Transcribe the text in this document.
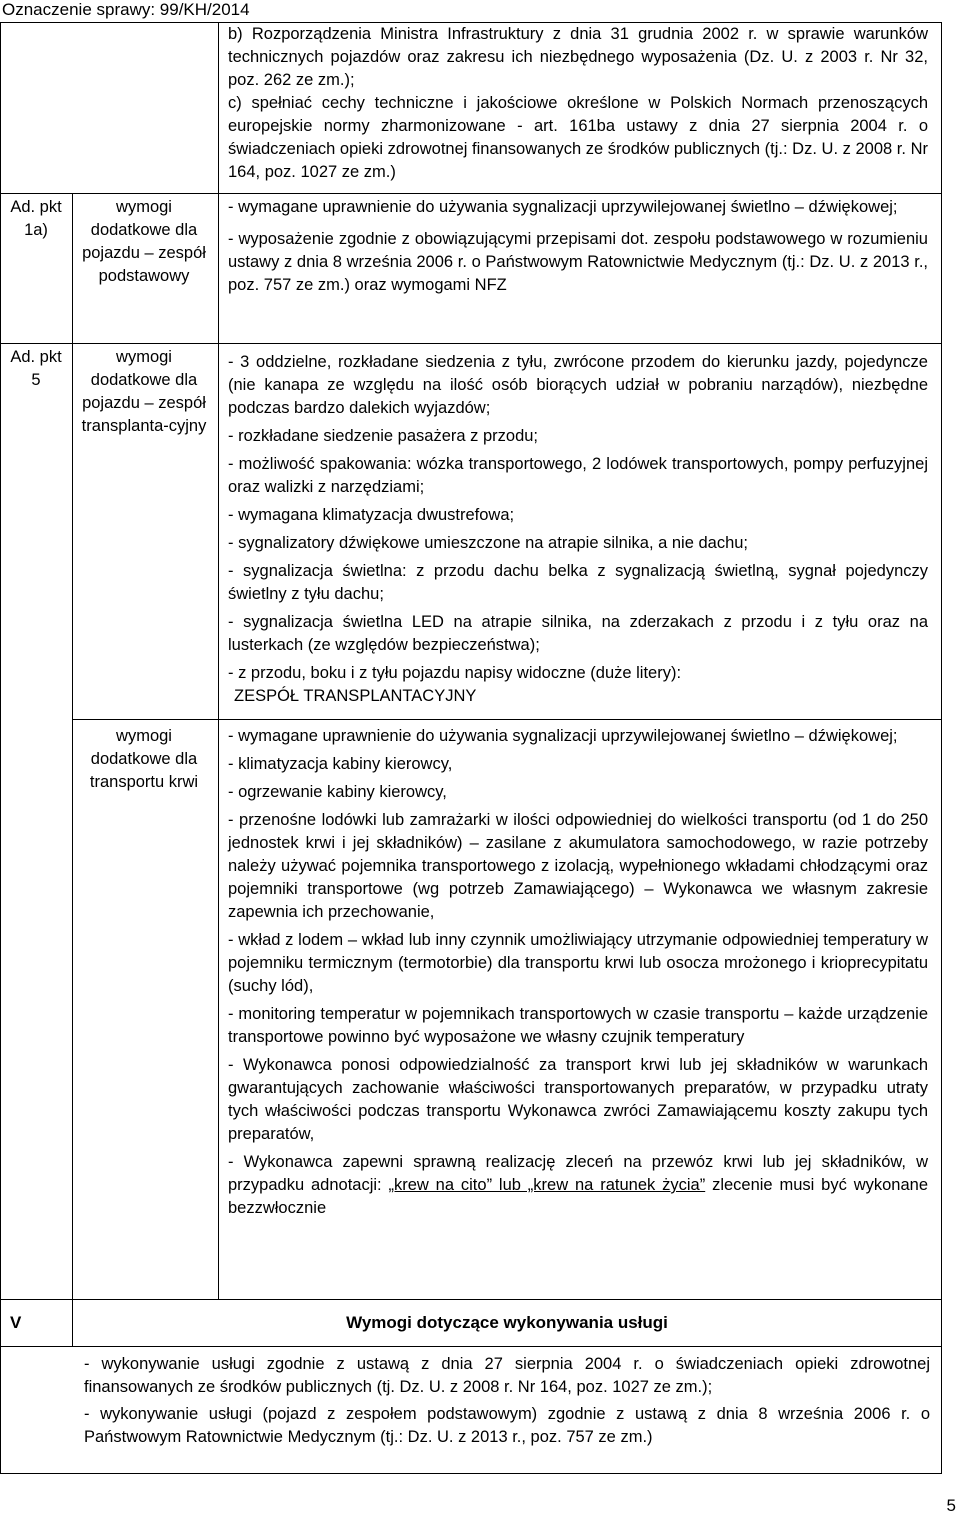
Oznaczenie sprawy: 99/KH/2014

b) Rozporządzenia Ministra Infrastruktury z dnia 31 grudnia 2002 r. w sprawie warunków technicznych pojazdów oraz zakresu ich niezbędnego wyposażenia (Dz. U. z 2003 r. Nr 32, poz. 262 ze zm.);

c) spełniać cechy techniczne i jakościowe określone w Polskich Normach przenoszących europejskie normy zharmonizowane - art. 161ba ustawy z dnia 27 sierpnia 2004 r. o świadczeniach opieki zdrowotnej finansowanych ze środków publicznych (tj.: Dz. U. z 2008 r. Nr 164, poz. 1027 ze zm.)

Ad. pkt 1a)
wymogi dodatkowe dla pojazdu – zespół podstawowy

- wymagane uprawnienie do używania sygnalizacji uprzywilejowanej świetlno – dźwiękowej;

- wyposażenie zgodnie z obowiązującymi przepisami dot. zespołu podstawowego w rozumieniu ustawy z dnia 8 września 2006 r. o Państwowym Ratownictwie Medycznym (tj.: Dz. U. z 2013 r., poz. 757 ze zm.) oraz wymogami NFZ

Ad. pkt 5
wymogi dodatkowe dla pojazdu – zespół transplanta-cyjny

- 3 oddzielne, rozkładane siedzenia z tyłu, zwrócone przodem do kierunku jazdy, pojedyncze (nie kanapa ze względu na ilość osób biorących udział w pobraniu narządów), niezbędne podczas bardzo dalekich wyjazdów;

- rozkładane siedzenie pasażera z przodu;

- możliwość spakowania: wózka transportowego, 2 lodówek transportowych, pompy perfuzyjnej oraz walizki z narzędziami;

- wymagana klimatyzacja dwustrefowa;

- sygnalizatory dźwiękowe umieszczone na atrapie silnika, a nie dachu;

- sygnalizacja świetlna: z przodu dachu belka z sygnalizacją świetlną, sygnał pojedynczy świetlny z tyłu dachu;

- sygnalizacja świetlna LED na atrapie silnika, na zderzakach z przodu i z tyłu oraz na lusterkach (ze względów bezpieczeństwa);

- z przodu, boku i z tyłu pojazdu napisy widoczne (duże litery):

ZESPÓŁ TRANSPLANTACYJNY

wymogi dodatkowe dla transportu krwi

- wymagane uprawnienie do używania sygnalizacji uprzywilejowanej świetlno – dźwiękowej;

- klimatyzacja kabiny kierowcy,

- ogrzewanie kabiny kierowcy,

- przenośne lodówki lub zamrażarki w ilości odpowiedniej do wielkości transportu (od 1 do 250 jednostek krwi i jej składników) – zasilane z akumulatora samochodowego, w razie potrzeby należy używać pojemnika transportowego z izolacją, wypełnionego wkładami chłodzącymi oraz pojemniki transportowe (wg potrzeb Zamawiającego) – Wykonawca we własnym zakresie zapewnia ich przechowanie,

- wkład z lodem – wkład lub inny czynnik umożliwiający utrzymanie odpowiedniej temperatury w pojemniku termicznym (termotorbie) dla transportu krwi lub osocza mrożonego i krioprecypitatu (suchy lód),

- monitoring temperatur w pojemnikach transportowych w czasie transportu – każde urządzenie transportowe powinno być wyposażone we własny czujnik temperatury

- Wykonawca ponosi odpowiedzialność za transport krwi lub jej składników w warunkach gwarantujących zachowanie właściwości transportowanych preparatów, w przypadku utraty tych właściwości podczas transportu Wykonawca zwróci Zamawiającemu koszty zakupu tych preparatów,

- Wykonawca zapewni sprawną realizację zleceń na przewóz krwi lub jej składników, w przypadku adnotacji: „krew na cito” lub „krew na ratunek życia” zlecenie musi być wykonane bezzwłocznie

V	Wymogi dotyczące wykonywania usługi

- wykonywanie usługi zgodnie z ustawą z dnia 27 sierpnia 2004 r. o świadczeniach opieki zdrowotnej finansowanych ze środków publicznych (tj. Dz. U. z 2008 r. Nr 164, poz. 1027 ze zm.);

- wykonywanie usługi (pojazd z zespołem podstawowym) zgodnie z ustawą z dnia 8 września 2006 r. o Państwowym Ratownictwie Medycznym (tj.: Dz. U. z 2013 r., poz. 757 ze zm.)

5
